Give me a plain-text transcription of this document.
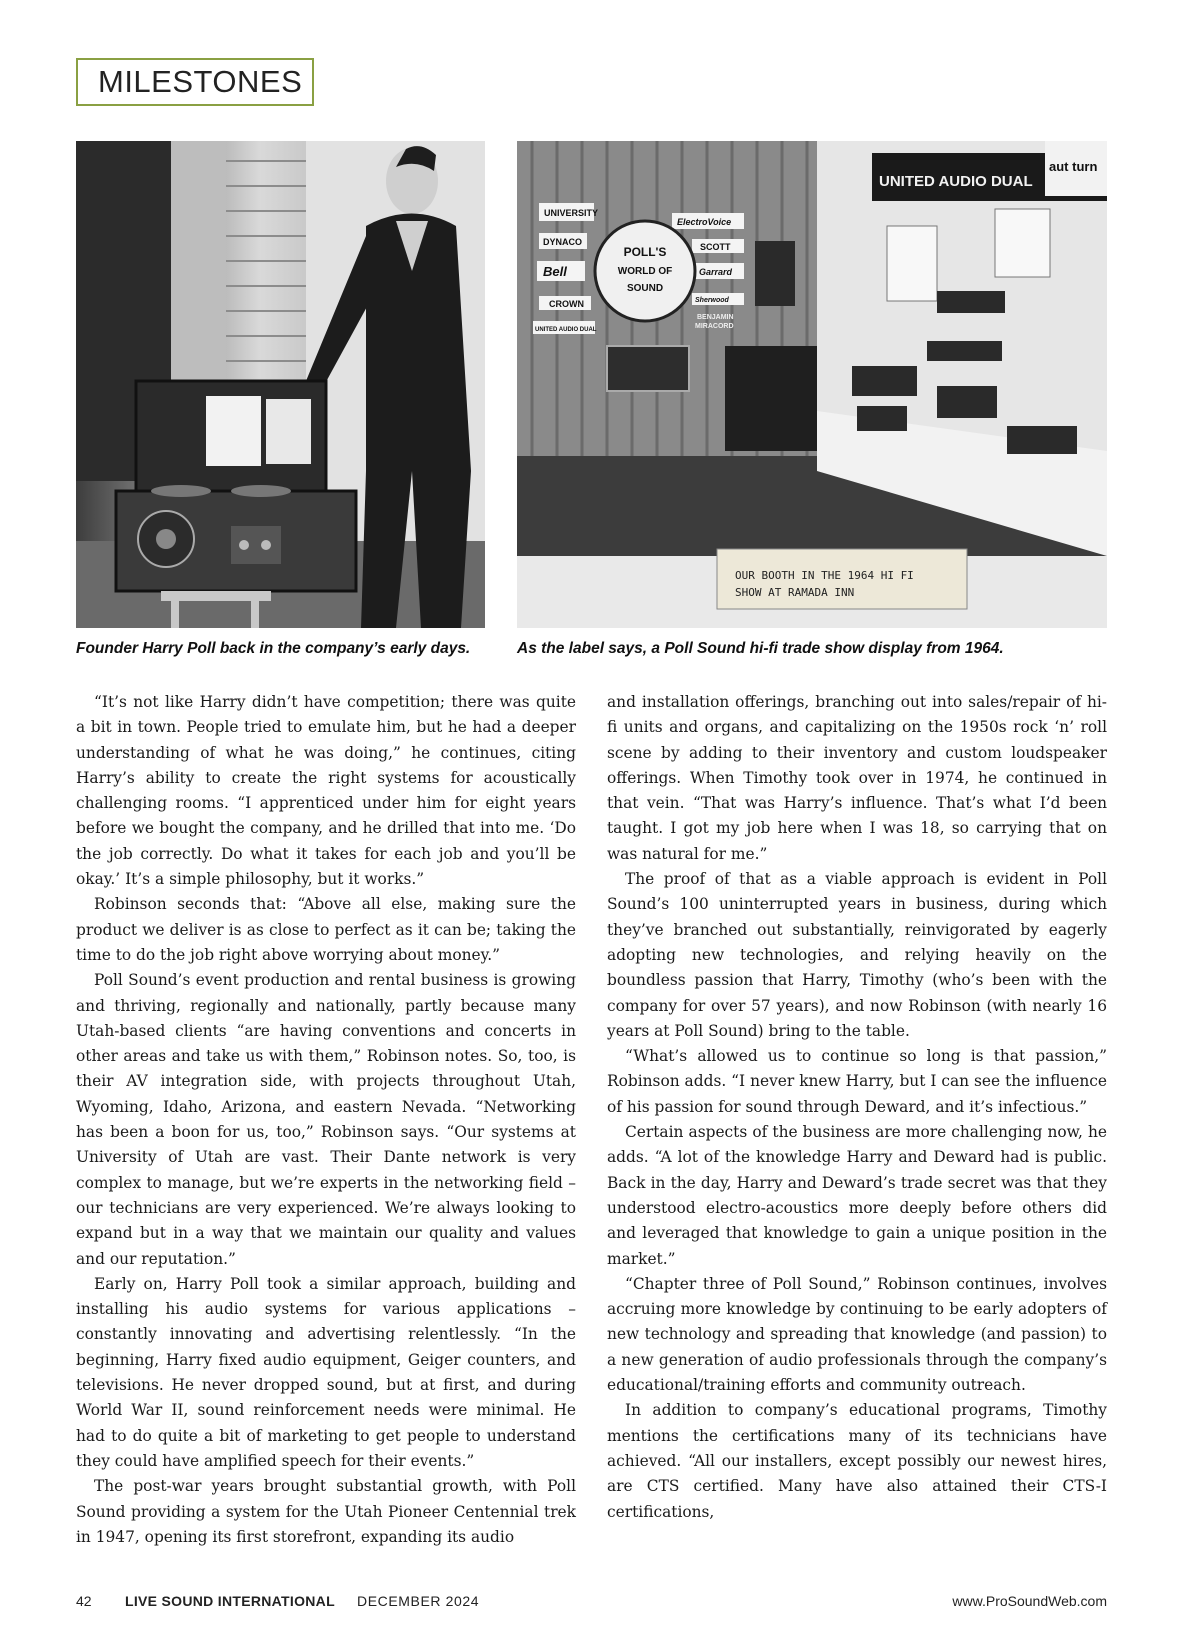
MILESTONES
UNIVERSITY
DYNACO
Bell
CROWN
UNITED AUDIO DUAL
ElectroVoice
SCOTT
Garrard
Sherwood
BENJAMIN
MIRACORD
POLL'S
WORLD OF
SOUND
UNITED AUDIO DUAL
aut turn
OUR BOOTH IN THE 1964 HI FI
SHOW AT RAMADA INN
Founder Harry Poll back in the company’s early days.	As the label says, a Poll Sound hi-fi trade show display from 1964.

“It’s not like Harry didn’t have competition; there was quite a bit in town. People tried to emulate him, but he had a deeper understanding of what he was doing,” he continues, citing Harry’s ability to create the right systems for acoustically challenging rooms. “I apprenticed under him for eight years before we bought the company, and he drilled that into me. ‘Do the job correctly. Do what it takes for each job and you’ll be okay.’ It’s a simple philosophy, but it works.”

Robinson seconds that: “Above all else, making sure the product we deliver is as close to perfect as it can be; taking the time to do the job right above worrying about money.”

Poll Sound’s event production and rental business is growing and thriving, regionally and nationally, partly because many Utah-based clients “are having conventions and concerts in other areas and take us with them,” Robinson notes. So, too, is their AV integration side, with projects throughout Utah, Wyoming, Idaho, Arizona, and eastern Nevada. “Networking has been a boon for us, too,” Robinson says. “Our systems at University of Utah are vast. Their Dante network is very complex to manage, but we’re experts in the networking field – our technicians are very experienced. We’re always looking to expand but in a way that we maintain our quality and values and our reputation.”

Early on, Harry Poll took a similar approach, building and installing his audio systems for various applications – constantly innovating and advertising relentlessly. “In the beginning, Harry fixed audio equipment, Geiger counters, and televisions. He never dropped sound, but at first, and during World War II, sound reinforcement needs were minimal. He had to do quite a bit of marketing to get people to understand they could have amplified speech for their events.”

The post-war years brought substantial growth, with Poll Sound providing a system for the Utah Pioneer Centennial trek in 1947, opening its first storefront, expanding its audio

and installation offerings, branching out into sales/repair of hi-fi units and organs, and capitalizing on the 1950s rock ‘n’ roll scene by adding to their inventory and custom loudspeaker offerings. When Timothy took over in 1974, he continued in that vein. “That was Harry’s influence. That’s what I’d been taught. I got my job here when I was 18, so carrying that on was natural for me.”

The proof of that as a viable approach is evident in Poll Sound’s 100 uninterrupted years in business, during which they’ve branched out substantially, reinvigorated by eagerly adopting new technologies, and relying heavily on the boundless passion that Harry, Timothy (who’s been with the company for over 57 years), and now Robinson (with nearly 16 years at Poll Sound) bring to the table.

“What’s allowed us to continue so long is that passion,” Robinson adds. “I never knew Harry, but I can see the influence of his passion for sound through Deward, and it’s infectious.”

Certain aspects of the business are more challenging now, he adds. “A lot of the knowledge Harry and Deward had is public. Back in the day, Harry and Deward’s trade secret was that they understood electro-acoustics more deeply before others did and leveraged that knowledge to gain a unique position in the market.”

“Chapter three of Poll Sound,” Robinson continues, involves accruing more knowledge by continuing to be early adopters of new technology and spreading that knowledge (and passion) to a new generation of audio professionals through the company’s educational/training efforts and community outreach.

In addition to company’s educational programs, Timothy mentions the certifications many of its technicians have achieved. “All our installers, except possibly our newest hires, are CTS certified. Many have also attained their CTS-I certifications,

42 LIVE SOUND INTERNATIONAL DECEMBER 2024	www.ProSoundWeb.com
